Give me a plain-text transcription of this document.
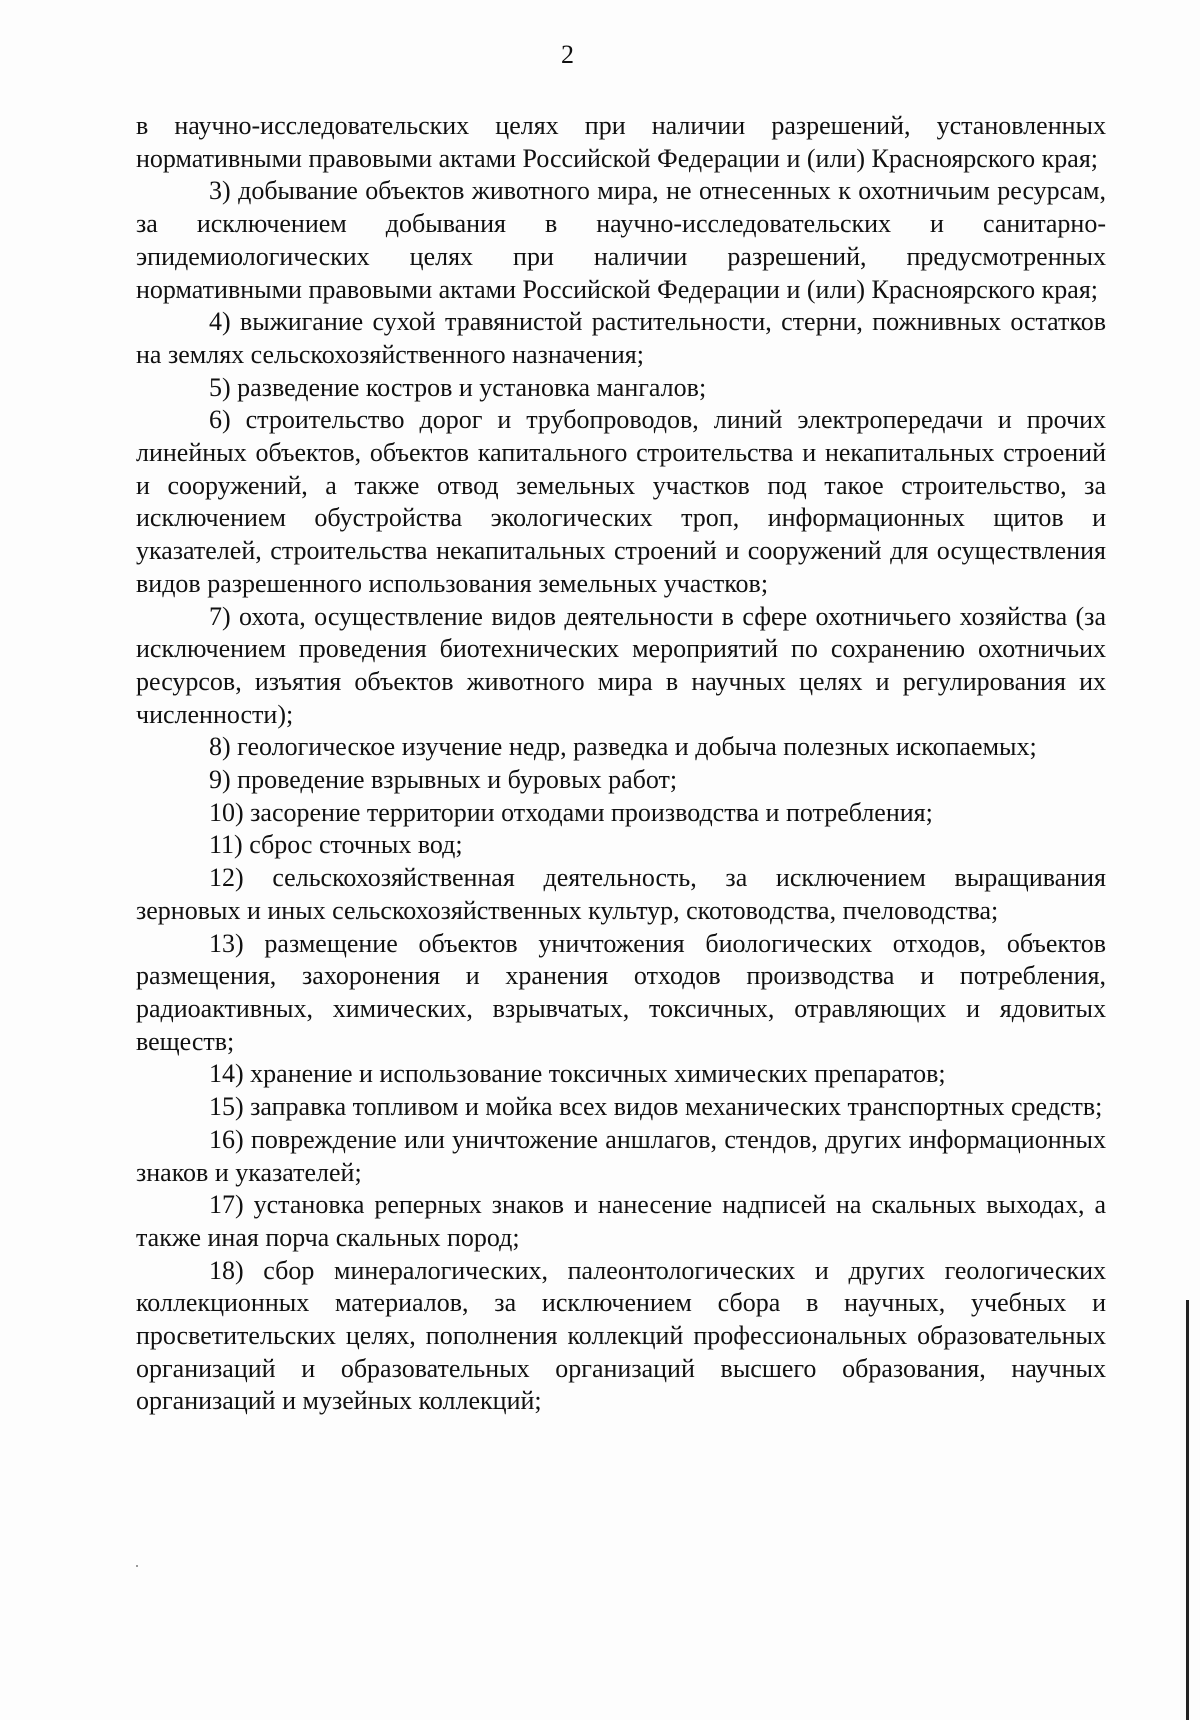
2

в научно-исследовательских целях при наличии разрешений, установленных нормативными правовыми актами Российской Федерации и (или) Красноярского края;

3) добывание объектов животного мира, не отнесенных к охотничьим ресурсам, за исключением добывания в научно-исследовательских и санитарно-эпидемиологических целях при наличии разрешений, предусмотренных нормативными правовыми актами Российской Федерации и (или) Красноярского края;

4) выжигание сухой травянистой растительности, стерни, пожнивных остатков на землях сельскохозяйственного назначения;

5) разведение костров и установка мангалов;

6) строительство дорог и трубопроводов, линий электропередачи и прочих линейных объектов, объектов капитального строительства и некапитальных строений и сооружений, а также отвод земельных участков под такое строительство, за исключением обустройства экологических троп, информационных щитов и указателей, строительства некапитальных строений и сооружений для осуществления видов разрешенного использования земельных участков;

7) охота, осуществление видов деятельности в сфере охотничьего хозяйства (за исключением проведения биотехнических мероприятий по сохранению охотничьих ресурсов, изъятия объектов животного мира в научных целях и регулирования их численности);

8) геологическое изучение недр, разведка и добыча полезных ископаемых;

9) проведение взрывных и буровых работ;

10) засорение территории отходами производства и потребления;

11) сброс сточных вод;

12) сельскохозяйственная деятельность, за исключением выращивания зерновых и иных сельскохозяйственных культур, скотоводства, пчеловодства;

13) размещение объектов уничтожения биологических отходов, объектов размещения, захоронения и хранения отходов производства и потребления, радиоактивных, химических, взрывчатых, токсичных, отравляющих и ядовитых веществ;

14) хранение и использование токсичных химических препаратов;

15) заправка топливом и мойка всех видов механических транспортных средств;

16) повреждение или уничтожение аншлагов, стендов, других информационных знаков и указателей;

17) установка реперных знаков и нанесение надписей на скальных выходах, а также иная порча скальных пород;

18) сбор минералогических, палеонтологических и других геологических коллекционных материалов, за исключением сбора в научных, учебных и просветительских целях, пополнения коллекций профессиональных образовательных организаций и образовательных организаций высшего образования, научных организаций и музейных коллекций;
